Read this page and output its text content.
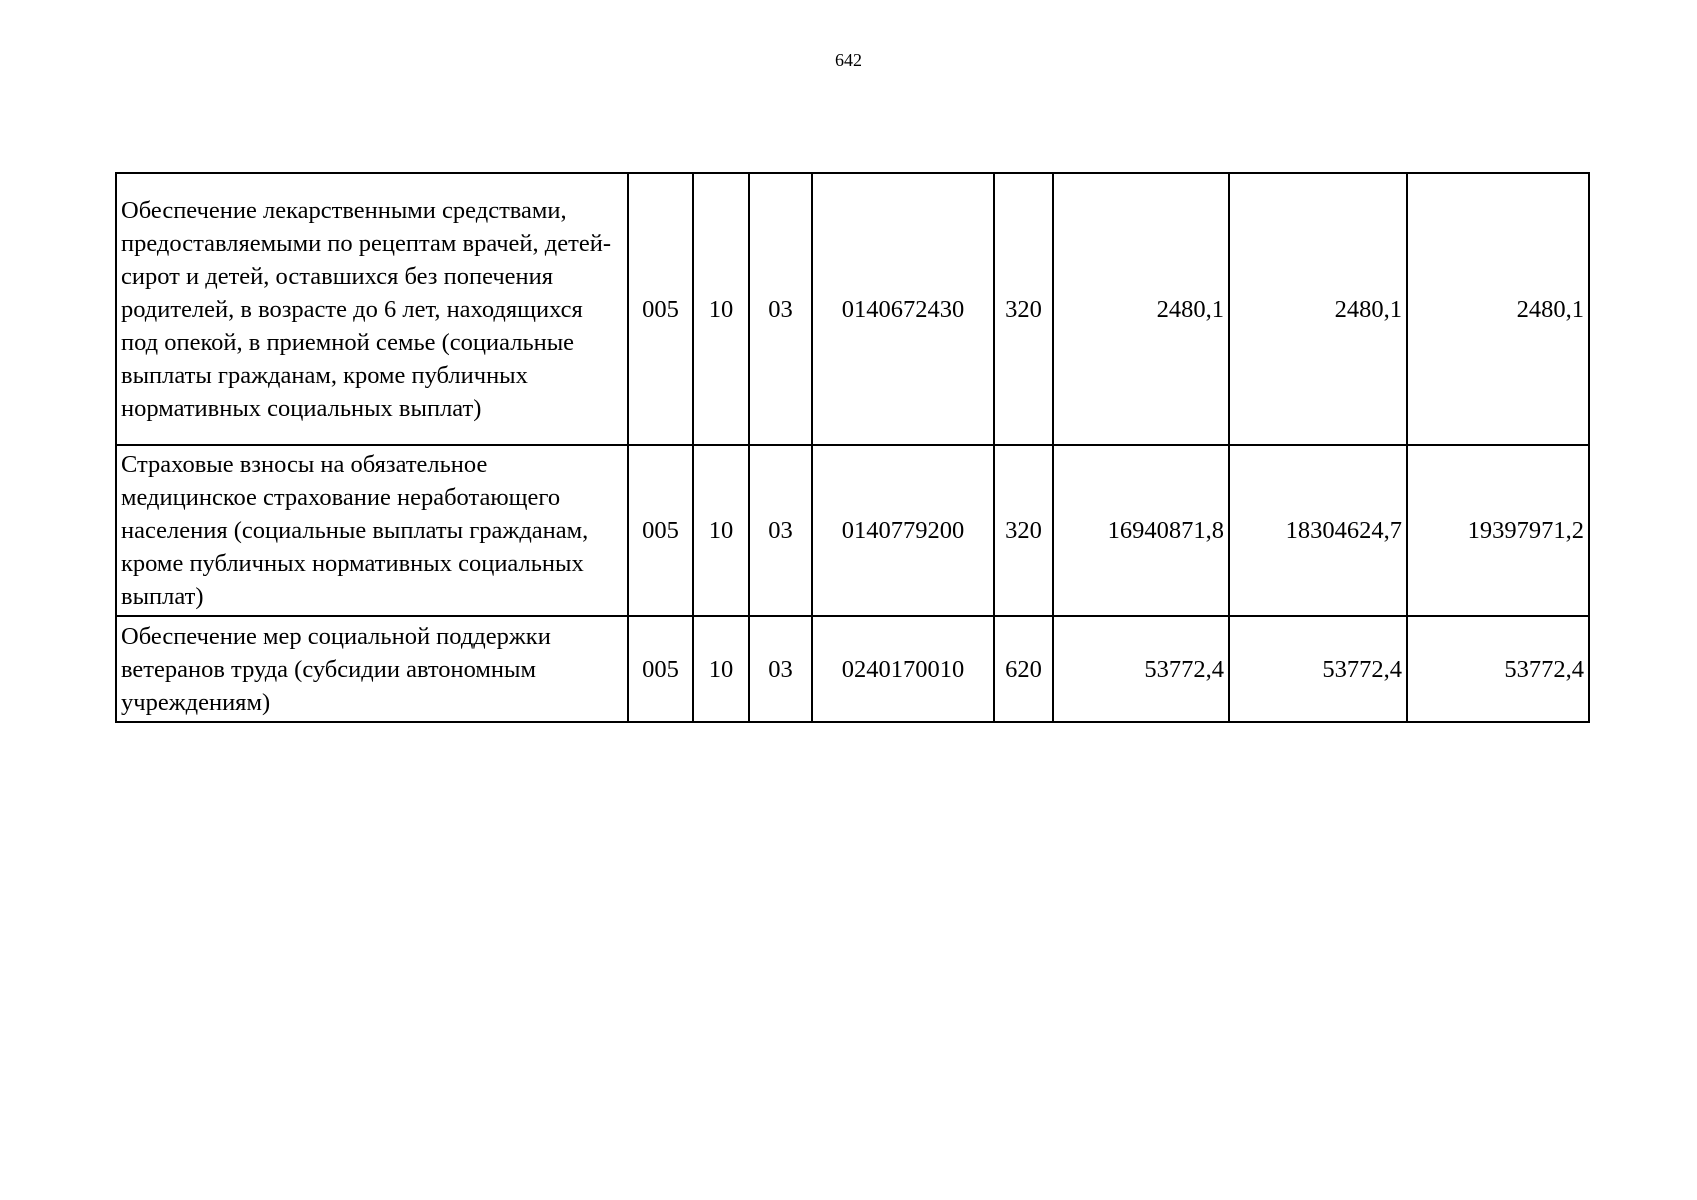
642
Обеспечение лекарственными средствами, предоставляемыми по рецептам врачей, детей-сирот и детей, оставшихся без попечения родителей, в возрасте до 6 лет, находящихся под опекой, в приемной семье (социальные выплаты гражданам, кроме публичных нормативных социальных выплат)	005	10	03	0140672430	320	2480,1	2480,1	2480,1
Страховые взносы на обязательное медицинское страхование неработающего населения (социальные выплаты гражданам, кроме публичных нормативных социальных выплат)	005	10	03	0140779200	320	16940871,8	18304624,7	19397971,2
Обеспечение мер социальной поддержки ветеранов труда (субсидии автономным учреждениям)	005	10	03	0240170010	620	53772,4	53772,4	53772,4
